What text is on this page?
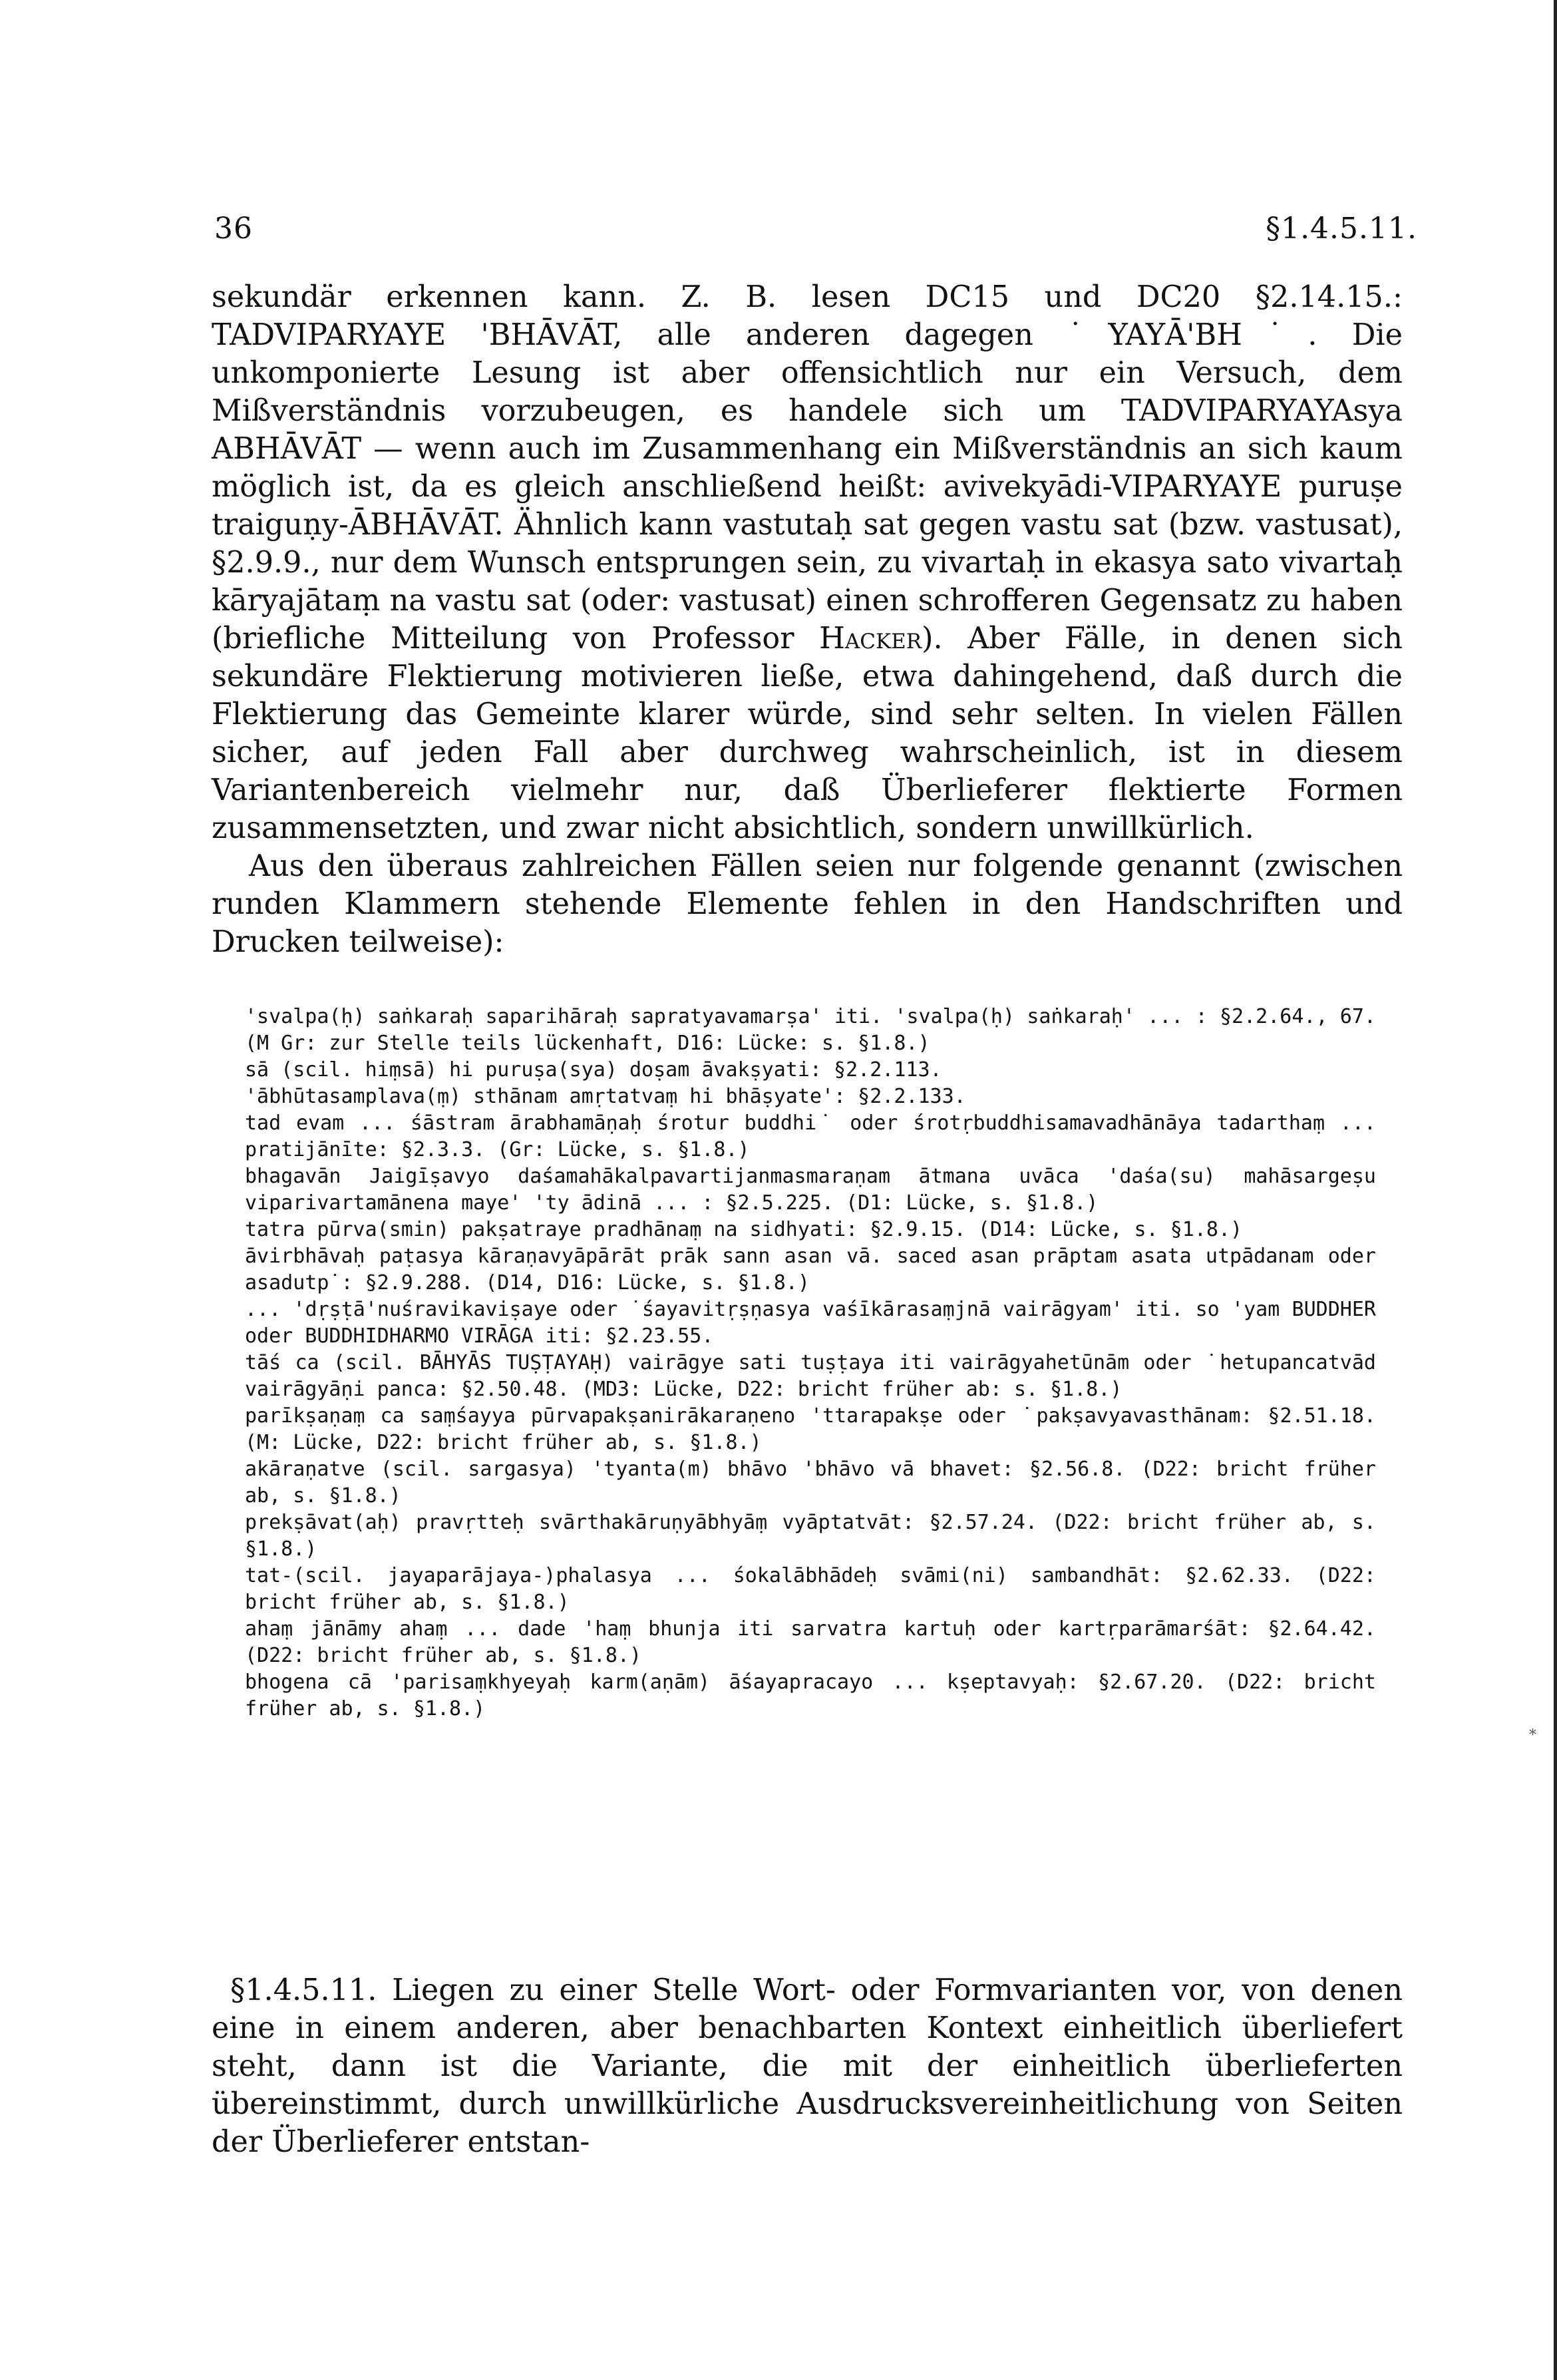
36	§1.4.5.11.

sekundär erkennen kann. Z. B. lesen DC15 und DC20 §2.14.15.: TADVIPARYAYE 'BHĀVĀT, alle anderen dagegen ˙YAYĀ'BH˙. Die unkomponierte Lesung ist aber offensichtlich nur ein Versuch, dem Mißverständnis vorzubeugen, es handele sich um TADVIPARYAYAsya ABHĀVĀT — wenn auch im Zusammenhang ein Mißverständnis an sich kaum möglich ist, da es gleich anschließend heißt: avivekyādi-VIPARYAYE puruṣe traiguṇy-ĀBHĀVĀT. Ähnlich kann vastutaḥ sat gegen vastu sat (bzw. vastusat), §2.9.9., nur dem Wunsch entsprungen sein, zu vivartaḥ in ekasya sato vivartaḥ kāryajātaṃ na vastu sat (oder: vastusat) einen schrofferen Gegensatz zu haben (briefliche Mitteilung von Professor Hacker). Aber Fälle, in denen sich sekundäre Flektierung motivieren ließe, etwa dahingehend, daß durch die Flektierung das Gemeinte klarer würde, sind sehr selten. In vielen Fällen sicher, auf jeden Fall aber durchweg wahrscheinlich, ist in diesem Variantenbereich vielmehr nur, daß Überlieferer flektierte Formen zusammensetzten, und zwar nicht absichtlich, sondern unwillkürlich.

Aus den überaus zahlreichen Fällen seien nur folgende genannt (zwischen runden Klammern stehende Elemente fehlen in den Handschriften und Drucken teilweise):

'svalpa(ḥ) saṅkaraḥ saparihāraḥ sapratyavamarṣa' iti. 'svalpa(ḥ) saṅkaraḥ' ... : §2.2.64., 67. (M Gr: zur Stelle teils lückenhaft, D16: Lücke: s. §1.8.)

sā (scil. hiṃsā) hi puruṣa(sya) doṣam āvakṣyati: §2.2.113.

'ābhūtasamplava(ṃ) sthānam amṛtatvaṃ hi bhāṣyate': §2.2.133.

tad evam ... śāstram ārabhamāṇaḥ śrotur buddhi˙ oder śrotṛbuddhisamavadhānāya tadarthaṃ ... pratijānīte: §2.3.3. (Gr: Lücke, s. §1.8.)

bhagavān Jaigīṣavyo daśamahākalpavartijanmasmaraṇam ātmana uvāca 'daśa(su) mahāsargeṣu viparivartamānena maye' 'ty ādinā ... : §2.5.225. (D1: Lücke, s. §1.8.)

tatra pūrva(smin) pakṣatraye pradhānaṃ na sidhyati: §2.9.15. (D14: Lücke, s. §1.8.)

āvirbhāvaḥ paṭasya kāraṇavyāpārāt prāk sann asan vā. saced asan prāptam asata utpādanam oder asadutp˙: §2.9.288. (D14, D16: Lücke, s. §1.8.)

... 'dṛṣṭā'nuśravikaviṣaye oder ˙śayavitṛṣṇasya vaśīkārasaṃjnā vairāgyam' iti. so 'yam BUDDHER oder BUDDHIDHARMO VIRĀGA iti: §2.23.55.

tāś ca (scil. BĀHYĀS TUṢṬAYAḤ) vairāgye sati tuṣṭaya iti vairāgyahetūnām oder ˙hetupancatvād vairāgyāṇi panca: §2.50.48. (MD3: Lücke, D22: bricht früher ab: s. §1.8.)

parīkṣaṇaṃ ca saṃśayya pūrvapakṣanirākaraṇeno 'ttarapakṣe oder ˙pakṣavyavasthānam: §2.51.18. (M: Lücke, D22: bricht früher ab, s. §1.8.)

akāraṇatve (scil. sargasya) 'tyanta(m) bhāvo 'bhāvo vā bhavet: §2.56.8. (D22: bricht früher ab, s. §1.8.)

prekṣāvat(aḥ) pravṛtteḥ svārthakāruṇyābhyāṃ vyāptatvāt: §2.57.24. (D22: bricht früher ab, s. §1.8.)

tat-(scil. jayaparājaya-)phalasya ... śokalābhādeḥ svāmi(ni) sambandhāt: §2.62.33. (D22: bricht früher ab, s. §1.8.)

ahaṃ jānāmy ahaṃ ... dade 'haṃ bhunja iti sarvatra kartuḥ oder kartṛparāmarśāt: §2.64.42. (D22: bricht früher ab, s. §1.8.)

bhogena cā 'parisaṃkhyeyaḥ karm(aṇām) āśayapracayo ... kṣeptavyaḥ: §2.67.20. (D22: bricht früher ab, s. §1.8.)

*

§1.4.5.11. Liegen zu einer Stelle Wort- oder Formvarianten vor, von denen eine in einem anderen, aber benachbarten Kontext einheitlich überliefert steht, dann ist die Variante, die mit der einheitlich überlieferten übereinstimmt, durch unwillkürliche Ausdrucksvereinheitlichung von Seiten der Überlieferer entstan-
